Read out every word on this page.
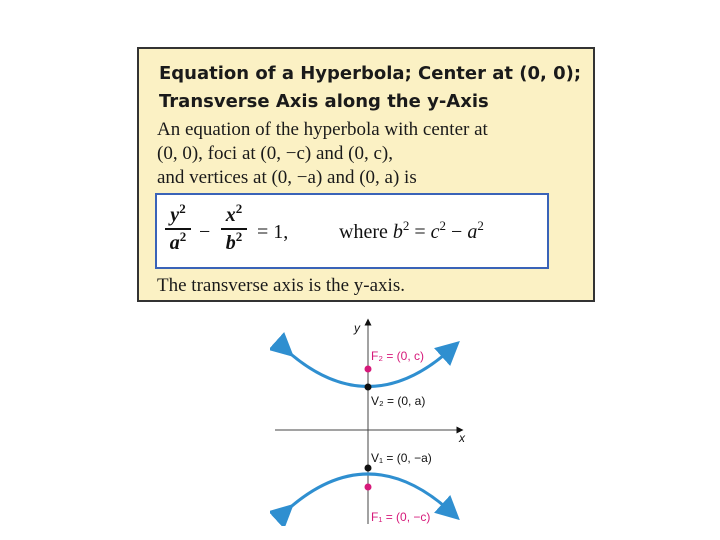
Equation of a Hyperbola; Center at (0, 0);
Transverse Axis along the y-Axis
An equation of the hyperbola with center at
(0, 0), foci at (0, −c) and (0, c),
and vertices at (0, −a) and (0, a) is
$y^2$
$a^2$ −
$x^2$
$b^2 = 1$,	where $b^2 = c^2 - a^2$
The transverse axis is the y-axis.
y
x
F₂ = (0, c)
V₂ = (0, a)
V₁ = (0, −a)
F₁ = (0, −c)
